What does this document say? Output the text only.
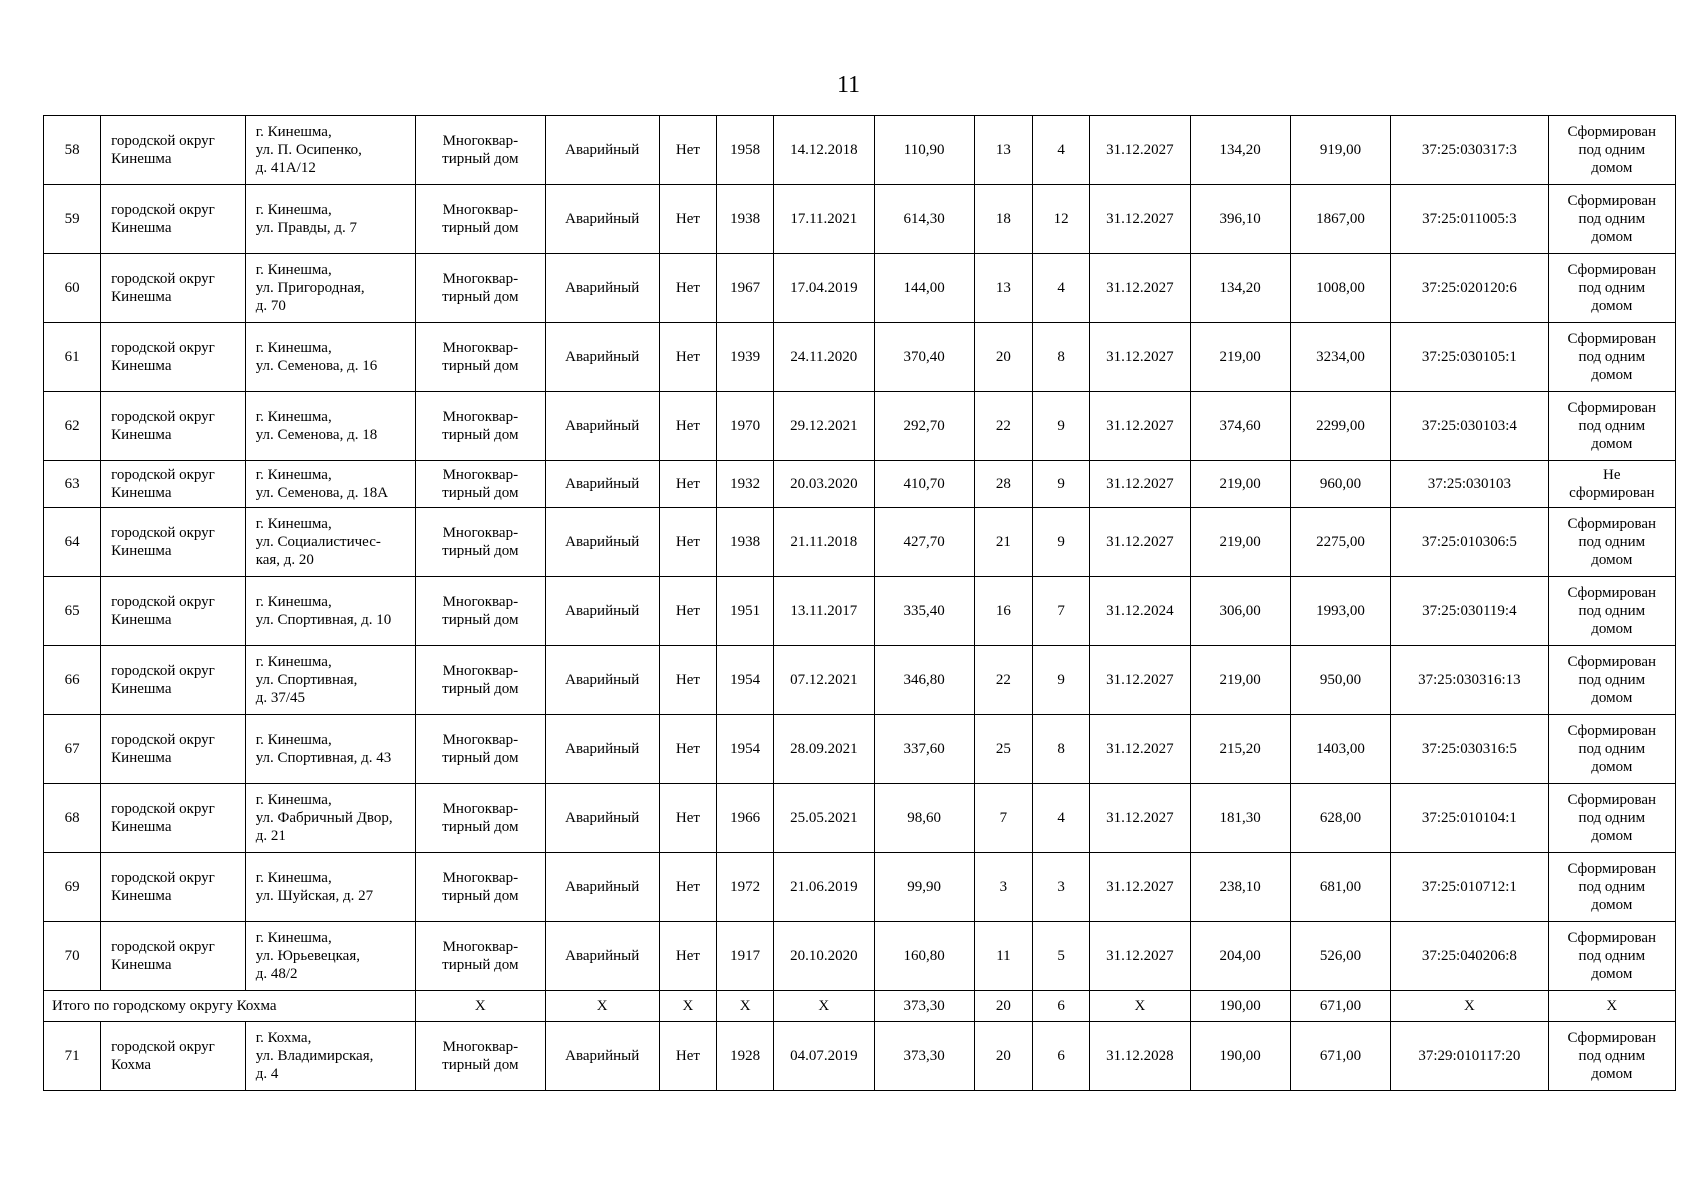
11
58	городской округ
Кинешма	г. Кинешма,
ул. П. Осипенко,
д. 41А/12	Многоквар-
тирный дом	Аварийный	Нет	1958	14.12.2018	110,90	13	4	31.12.2027	134,20	919,00	37:25:030317:3	Сформирован
под одним
домом

59	городской округ
Кинешма	г. Кинешма,
ул. Правды, д. 7	Многоквар-
тирный дом	Аварийный	Нет	1938	17.11.2021	614,30	18	12	31.12.2027	396,10	1867,00	37:25:011005:3	Сформирован
под одним
домом

60	городской округ
Кинешма	г. Кинешма,
ул. Пригородная,
д. 70	Многоквар-
тирный дом	Аварийный	Нет	1967	17.04.2019	144,00	13	4	31.12.2027	134,20	1008,00	37:25:020120:6	Сформирован
под одним
домом

61	городской округ
Кинешма	г. Кинешма,
ул. Семенова, д. 16	Многоквар-
тирный дом	Аварийный	Нет	1939	24.11.2020	370,40	20	8	31.12.2027	219,00	3234,00	37:25:030105:1	Сформирован
под одним
домом

62	городской округ
Кинешма	г. Кинешма,
ул. Семенова, д. 18	Многоквар-
тирный дом	Аварийный	Нет	1970	29.12.2021	292,70	22	9	31.12.2027	374,60	2299,00	37:25:030103:4	Сформирован
под одним
домом

63	городской округ
Кинешма	г. Кинешма,
ул. Семенова, д. 18А	Многоквар-
тирный дом	Аварийный	Нет	1932	20.03.2020	410,70	28	9	31.12.2027	219,00	960,00	37:25:030103	Не
сформирован

64	городской округ
Кинешма	г. Кинешма,
ул. Социалистичес-
кая, д. 20	Многоквар-
тирный дом	Аварийный	Нет	1938	21.11.2018	427,70	21	9	31.12.2027	219,00	2275,00	37:25:010306:5	Сформирован
под одним
домом

65	городской округ
Кинешма	г. Кинешма,
ул. Спортивная, д. 10	Многоквар-
тирный дом	Аварийный	Нет	1951	13.11.2017	335,40	16	7	31.12.2024	306,00	1993,00	37:25:030119:4	Сформирован
под одним
домом

66	городской округ
Кинешма	г. Кинешма,
ул. Спортивная,
д. 37/45	Многоквар-
тирный дом	Аварийный	Нет	1954	07.12.2021	346,80	22	9	31.12.2027	219,00	950,00	37:25:030316:13	Сформирован
под одним
домом

67	городской округ
Кинешма	г. Кинешма,
ул. Спортивная, д. 43	Многоквар-
тирный дом	Аварийный	Нет	1954	28.09.2021	337,60	25	8	31.12.2027	215,20	1403,00	37:25:030316:5	Сформирован
под одним
домом

68	городской округ
Кинешма	г. Кинешма,
ул. Фабричный Двор,
д. 21	Многоквар-
тирный дом	Аварийный	Нет	1966	25.05.2021	98,60	7	4	31.12.2027	181,30	628,00	37:25:010104:1	Сформирован
под одним
домом

69	городской округ
Кинешма	г. Кинешма,
ул. Шуйская, д. 27	Многоквар-
тирный дом	Аварийный	Нет	1972	21.06.2019	99,90	3	3	31.12.2027	238,10	681,00	37:25:010712:1	Сформирован
под одним
домом

70	городской округ
Кинешма	г. Кинешма,
ул. Юрьевецкая,
д. 48/2	Многоквар-
тирный дом	Аварийный	Нет	1917	20.10.2020	160,80	11	5	31.12.2027	204,00	526,00	37:25:040206:8	Сформирован
под одним
домом

Итого по городскому округу Кохма			X	X	X	X	X	373,30	20	6	X	190,00	671,00	X	X

71	городской округ
Кохма	г. Кохма,
ул. Владимирская,
д. 4	Многоквар-
тирный дом	Аварийный	Нет	1928	04.07.2019	373,30	20	6	31.12.2028	190,00	671,00	37:29:010117:20	Сформирован
под одним
домом
